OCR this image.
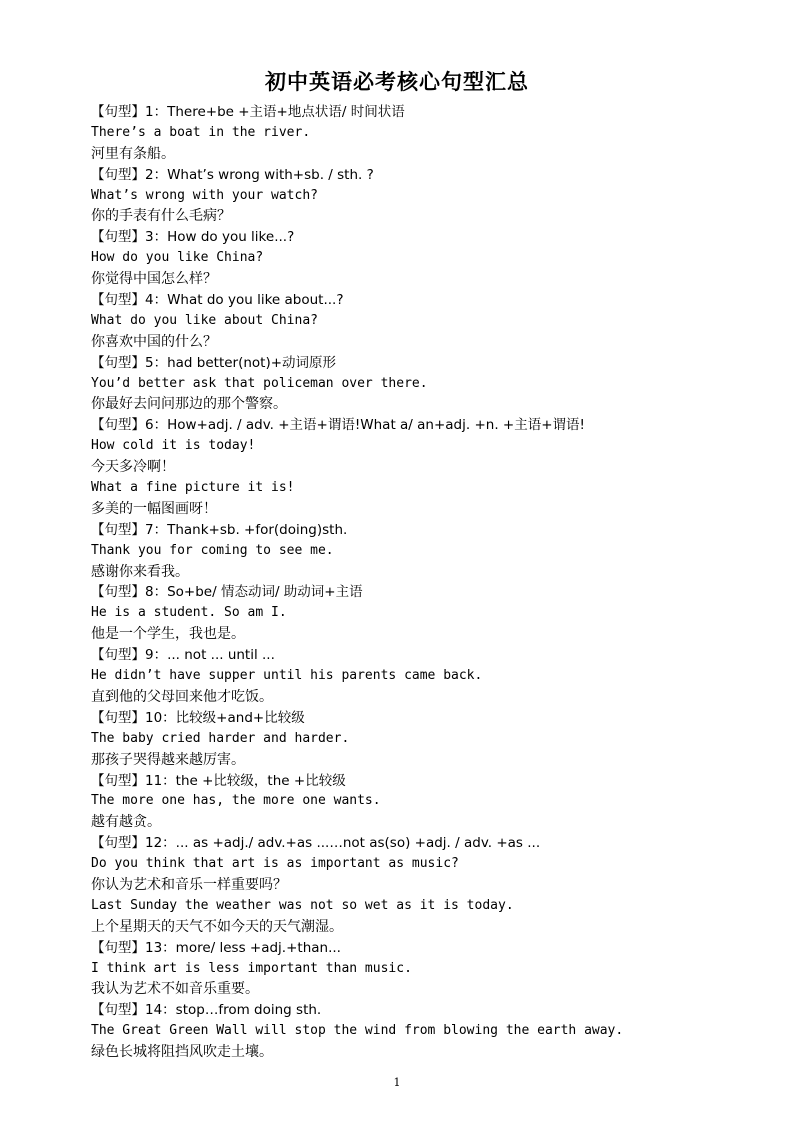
初中英语必考核心句型汇总
【句型】1：There+be +主语+地点状语/ 时间状语
There’s a boat in the river.
河里有条船。
【句型】2：What’s wrong with+sb. / sth. ?
What’s wrong with your watch?
你的手表有什么毛病？
【句型】3：How do you like...?
How do you like China?
你觉得中国怎么样？
【句型】4：What do you like about...?
What do you like about China?
你喜欢中国的什么？
【句型】5：had better(not)+动词原形
You’d better ask that policeman over there.
你最好去问问那边的那个警察。
【句型】6：How+adj. / adv. +主语+谓语!What a/ an+adj. +n. +主语+谓语!
How cold it is today!
今天多冷啊！
What a fine picture it is!
多美的一幅图画呀！
【句型】7：Thank+sb. +for(doing)sth.
Thank you for coming to see me.
感谢你来看我。
【句型】8：So+be/ 情态动词/ 助动词+主语
He is a student. So am I.
他是一个学生，我也是。
【句型】9：... not ... until ...
He didn’t have supper until his parents came back.
直到他的父母回来他才吃饭。
【句型】10：比较级+and+比较级
The baby cried harder and harder.
那孩子哭得越来越厉害。
【句型】11：the +比较级，the +比较级
The more one has, the more one wants.
越有越贪。
【句型】12：... as +adj./ adv.+as ...…not as(so) +adj. / adv. +as ...
Do you think that art is as important as music?
你认为艺术和音乐一样重要吗？
Last Sunday the weather was not so wet as it is today.
上个星期天的天气不如今天的天气潮湿。
【句型】13：more/ less +adj.+than...
I think art is less important than music.
我认为艺术不如音乐重要。
【句型】14：stop…from doing sth.
The Great Green Wall will stop the wind from blowing the earth away.
绿色长城将阻挡风吹走土壤。
1
